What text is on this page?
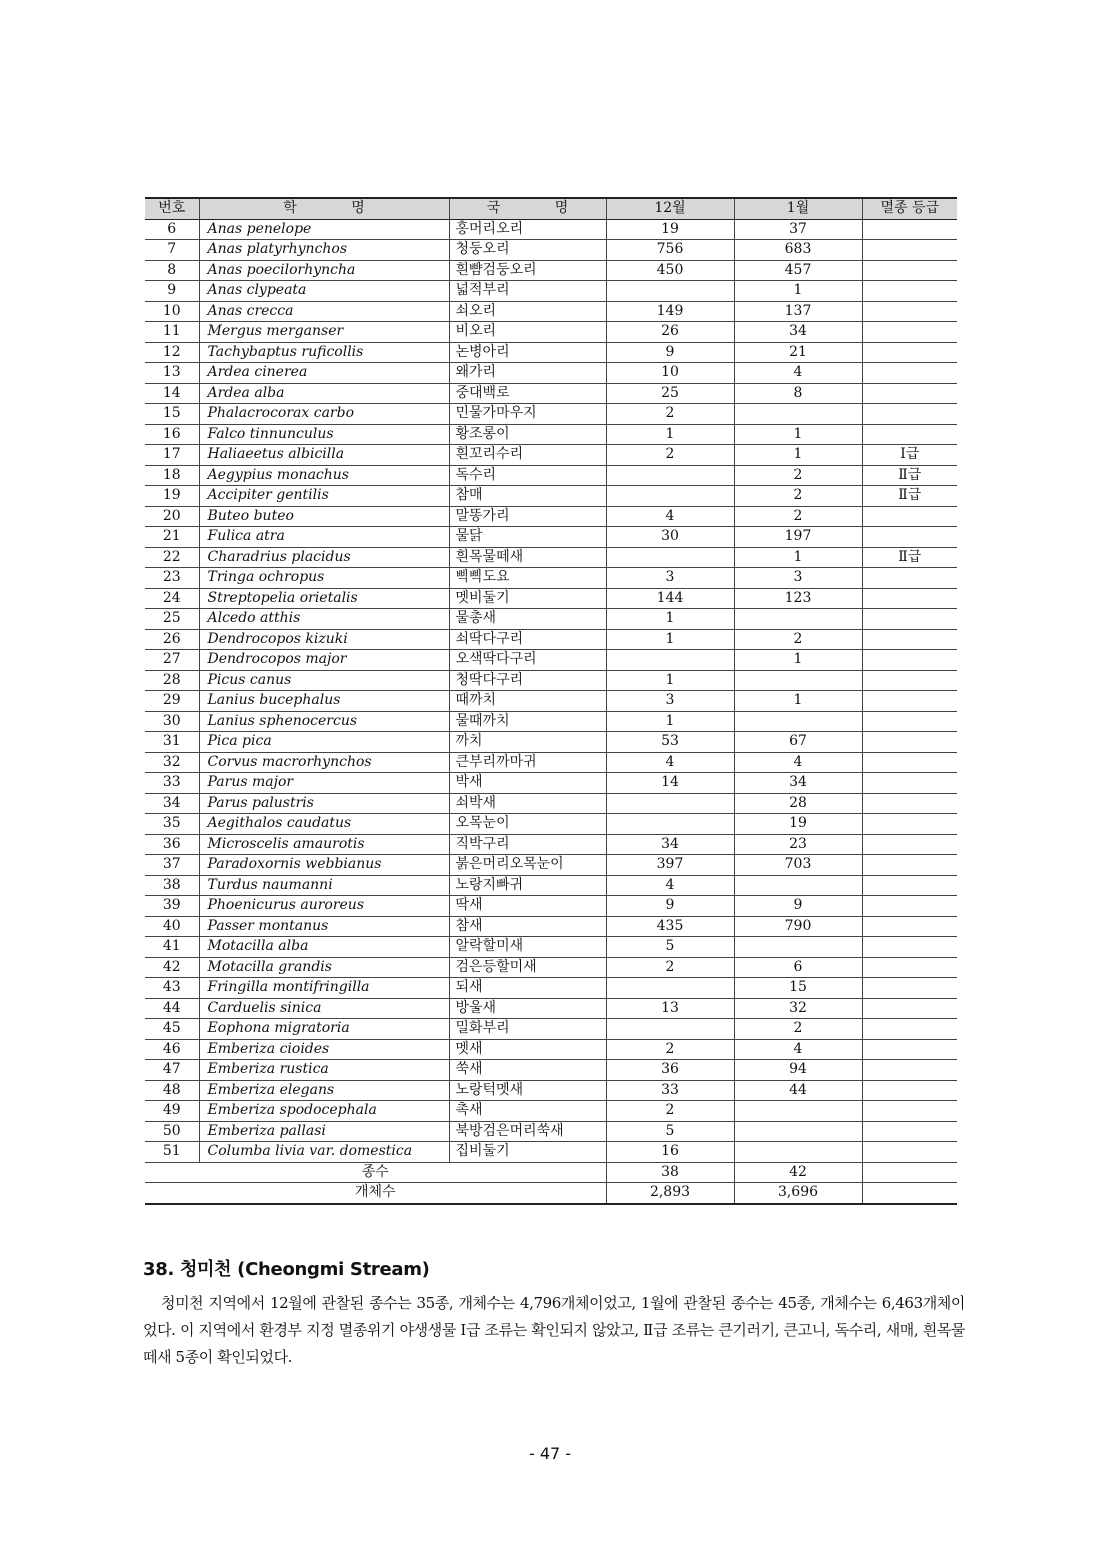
번호	학 명	국 명	12월	1월	멸종 등급
6	Anas penelope	홍머리오리	19	37	
7	Anas platyrhynchos	청둥오리	756	683	
8	Anas poecilorhyncha	흰뺨검둥오리	450	457	
9	Anas clypeata	넓적부리		1	
10	Anas crecca	쇠오리	149	137	
11	Mergus merganser	비오리	26	34	
12	Tachybaptus ruficollis	논병아리	9	21	
13	Ardea cinerea	왜가리	10	4	
14	Ardea alba	중대백로	25	8	
15	Phalacrocorax carbo	민물가마우지	2		
16	Falco tinnunculus	황조롱이	1	1	
17	Haliaeetus albicilla	흰꼬리수리	2	1	Ⅰ급
18	Aegypius monachus	독수리		2	Ⅱ급
19	Accipiter gentilis	참매		2	Ⅱ급
20	Buteo buteo	말똥가리	4	2	
21	Fulica atra	물닭	30	197	
22	Charadrius placidus	흰목물떼새		1	Ⅱ급
23	Tringa ochropus	삑삑도요	3	3	
24	Streptopelia orietalis	멧비둘기	144	123	
25	Alcedo atthis	물총새	1		
26	Dendrocopos kizuki	쇠딱다구리	1	2	
27	Dendrocopos major	오색딱다구리		1	
28	Picus canus	청딱다구리	1		
29	Lanius bucephalus	때까치	3	1	
30	Lanius sphenocercus	물때까치	1		
31	Pica pica	까치	53	67	
32	Corvus macrorhynchos	큰부리까마귀	4	4	
33	Parus major	박새	14	34	
34	Parus palustris	쇠박새		28	
35	Aegithalos caudatus	오목눈이		19	
36	Microscelis amaurotis	직박구리	34	23	
37	Paradoxornis webbianus	붉은머리오목눈이	397	703	
38	Turdus naumanni	노랑지빠귀	4		
39	Phoenicurus auroreus	딱새	9	9	
40	Passer montanus	참새	435	790	
41	Motacilla alba	알락할미새	5		
42	Motacilla grandis	검은등할미새	2	6	
43	Fringilla montifringilla	되새		15	
44	Carduelis sinica	방울새	13	32	
45	Eophona migratoria	밀화부리		2	
46	Emberiza cioides	멧새	2	4	
47	Emberiza rustica	쑥새	36	94	
48	Emberiza elegans	노랑턱멧새	33	44	
49	Emberiza spodocephala	촉새	2		
50	Emberiza pallasi	북방검은머리쑥새	5		
51	Columba livia var. domestica	집비둘기	16		
종수			38	42	
개체수			2,893	3,696	
38. 청미천 (Cheongmi Stream)

청미천 지역에서 12월에 관찰된 종수는 35종, 개체수는 4,796개체이었고, 1월에 관찰된 종수는 45종, 개체수는 6,463개체이었다. 이 지역에서 환경부 지정 멸종위기 야생생물 Ⅰ급 조류는 확인되지 않았고, Ⅱ급 조류는 큰기러기, 큰고니, 독수리, 새매, 흰목물떼새 5종이 확인되었다.

- 47 -
